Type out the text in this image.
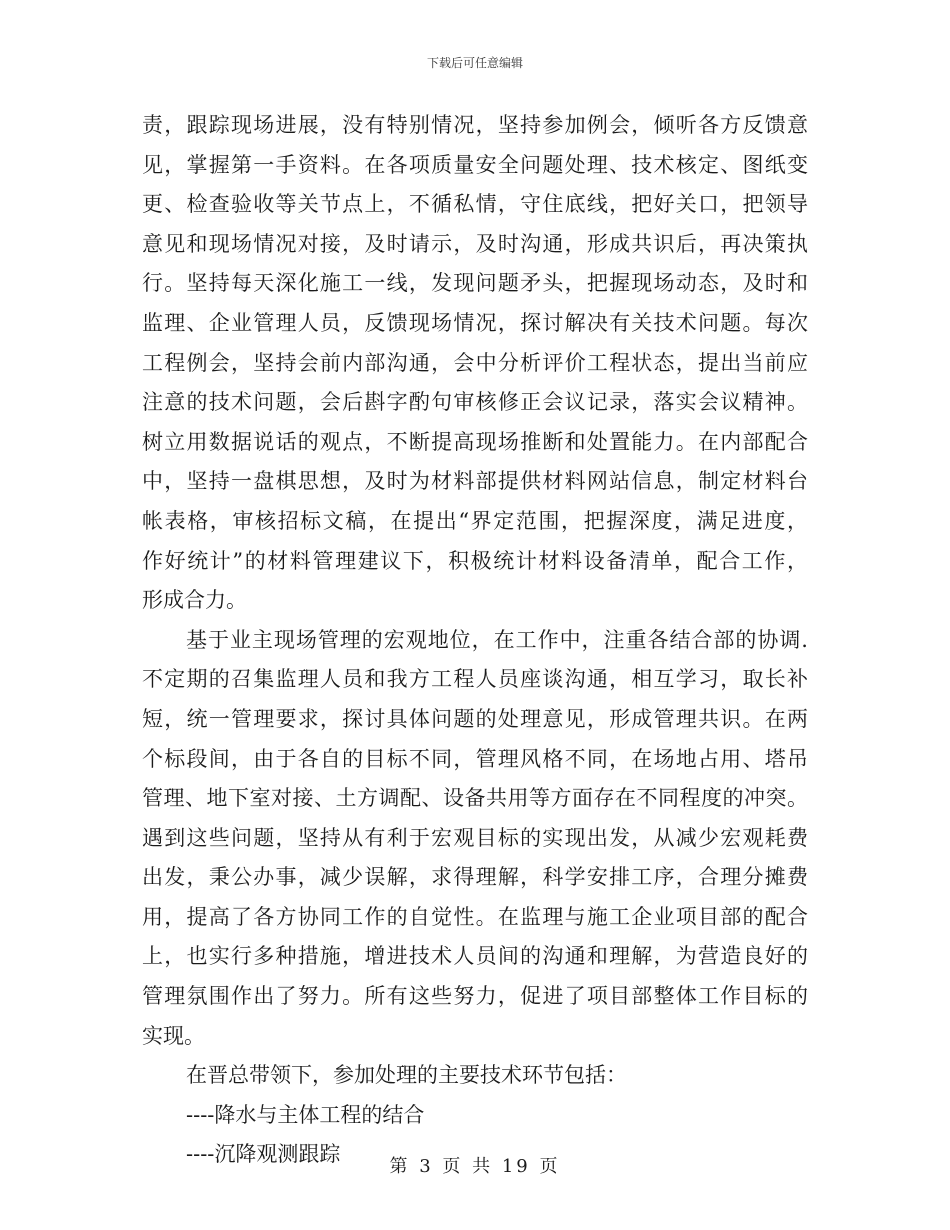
下载后可任意编辑
责，跟踪现场进展，没有特别情况，坚持参加例会，倾听各方反馈意
见，掌握第一手资料。在各项质量安全问题处理、技术核定、图纸变
更、检查验收等关节点上，不循私情，守住底线，把好关口，把领导
意见和现场情况对接，及时请示，及时沟通，形成共识后，再决策执
行。坚持每天深化施工一线，发现问题矛头，把握现场动态，及时和
监理、企业管理人员，反馈现场情况，探讨解决有关技术问题。每次
工程例会，坚持会前内部沟通，会中分析评价工程状态，提出当前应
注意的技术问题，会后斟字酌句审核修正会议记录，落实会议精神。
树立用数据说话的观点，不断提高现场推断和处置能力。在内部配合
中，坚持一盘棋思想，及时为材料部提供材料网站信息，制定材料台
帐表格，审核招标文稿，在提出“界定范围，把握深度，满足进度，
作好统计”的材料管理建议下，积极统计材料设备清单，配合工作，
形成合力。
基于业主现场管理的宏观地位，在工作中，注重各结合部的协调.
不定期的召集监理人员和我方工程人员座谈沟通，相互学习，取长补
短，统一管理要求，探讨具体问题的处理意见，形成管理共识。在两
个标段间，由于各自的目标不同，管理风格不同，在场地占用、塔吊
管理、地下室对接、土方调配、设备共用等方面存在不同程度的冲突。
遇到这些问题，坚持从有利于宏观目标的实现出发，从减少宏观耗费
出发，秉公办事，减少误解，求得理解，科学安排工序，合理分摊费
用，提高了各方协同工作的自觉性。在监理与施工企业项目部的配合
上，也实行多种措施，增进技术人员间的沟通和理解，为营造良好的
管理氛围作出了努力。所有这些努力，促进了项目部整体工作目标的
实现。
在晋总带领下，参加处理的主要技术环节包括：
----降水与主体工程的结合
----沉降观测跟踪
第 3 页 共 19 页
